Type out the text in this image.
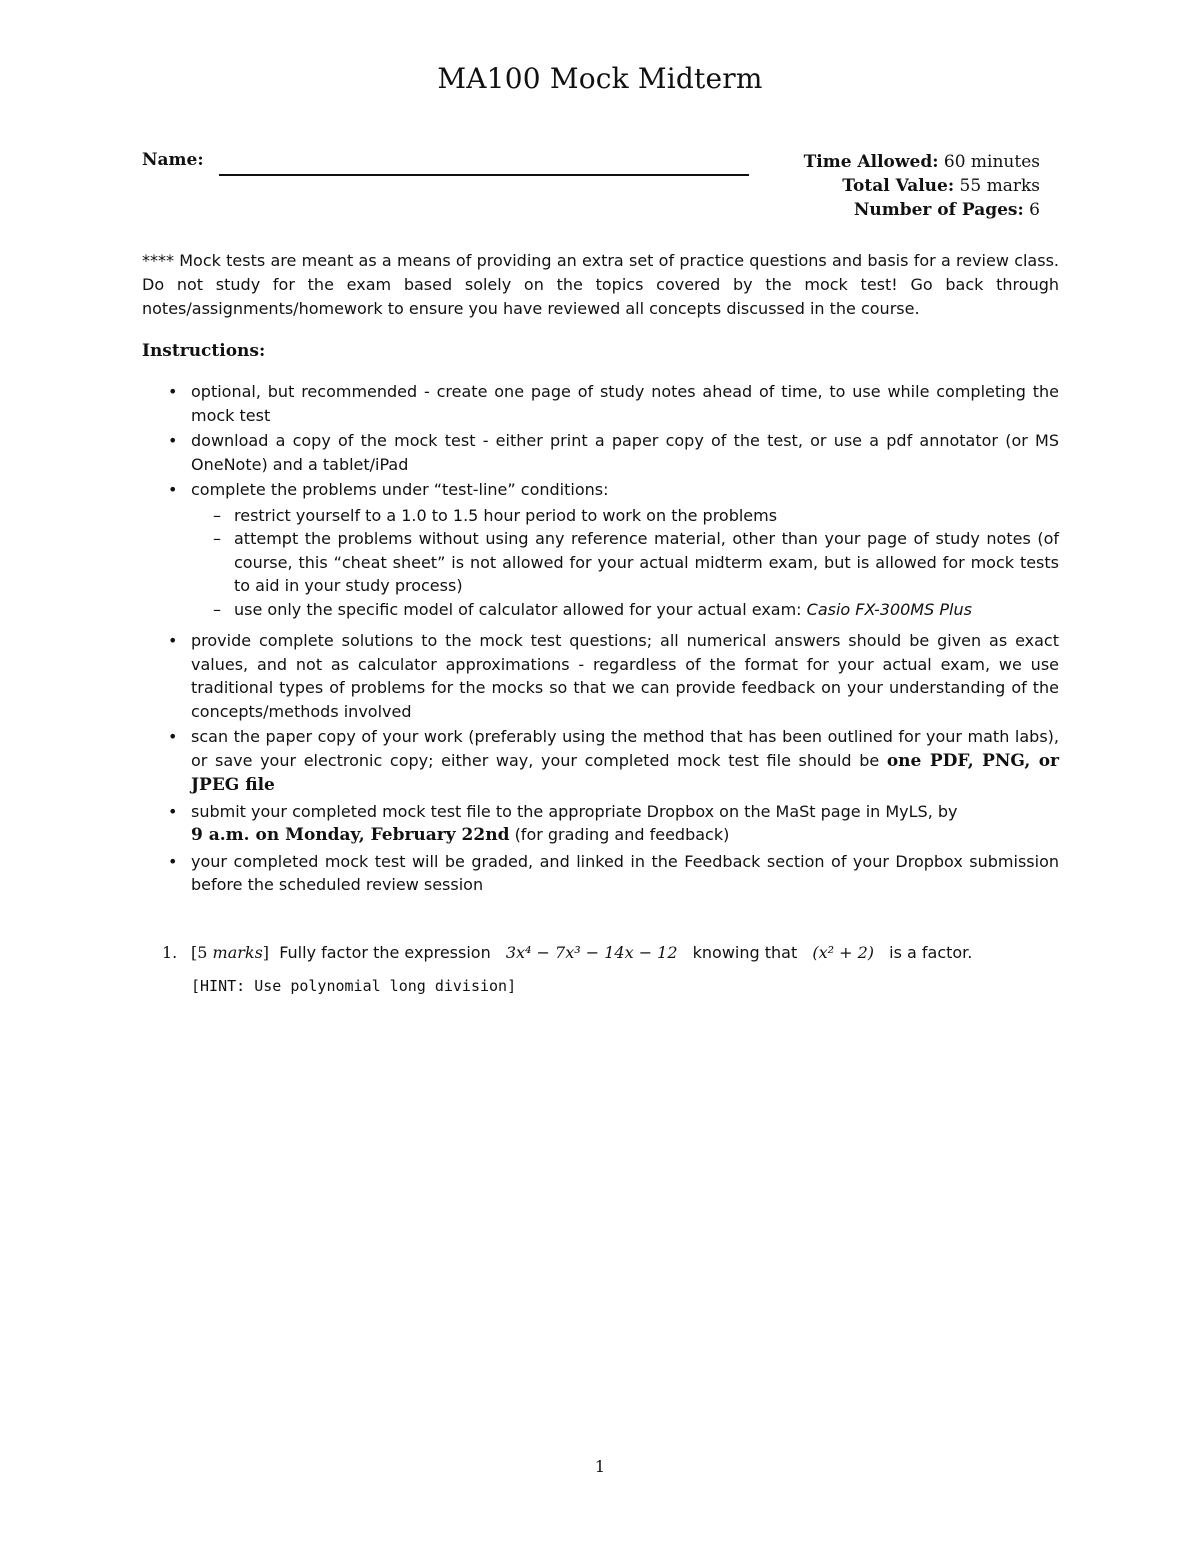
MA100 Mock Midterm
Name:	Time Allowed: 60 minutes
Total Value: 55 marks
Number of Pages: 6
**** Mock tests are meant as a means of providing an extra set of practice questions and basis for a review class. Do not study for the exam based solely on the topics covered by the mock test! Go back through notes/assignments/homework to ensure you have reviewed all concepts discussed in the course.
Instructions:
• optional, but recommended - create one page of study notes ahead of time, to use while completing the mock test
• download a copy of the mock test - either print a paper copy of the test, or use a pdf annotator (or MS OneNote) and a tablet/iPad
• complete the problems under “test-line” conditions:
– restrict yourself to a 1.0 to 1.5 hour period to work on the problems
– attempt the problems without using any reference material, other than your page of study notes (of course, this “cheat sheet” is not allowed for your actual midterm exam, but is allowed for mock tests to aid in your study process)
– use only the specific model of calculator allowed for your actual exam: Casio FX-300MS Plus
• provide complete solutions to the mock test questions; all numerical answers should be given as exact values, and not as calculator approximations - regardless of the format for your actual exam, we use traditional types of problems for the mocks so that we can provide feedback on your understanding of the concepts/methods involved
• scan the paper copy of your work (preferably using the method that has been outlined for your math labs), or save your electronic copy; either way, your completed mock test file should be one PDF, PNG, or JPEG file
• submit your completed mock test file to the appropriate Dropbox on the MaSt page in MyLS, by
9 a.m. on Monday, February 22nd (for grading and feedback)
• your completed mock test will be graded, and linked in the Feedback section of your Dropbox submission before the scheduled review session
1. [5 marks] Fully factor the expression 3x⁴ − 7x³ − 14x − 12 knowing that (x² + 2) is a factor.
[HINT: Use polynomial long division]
1
